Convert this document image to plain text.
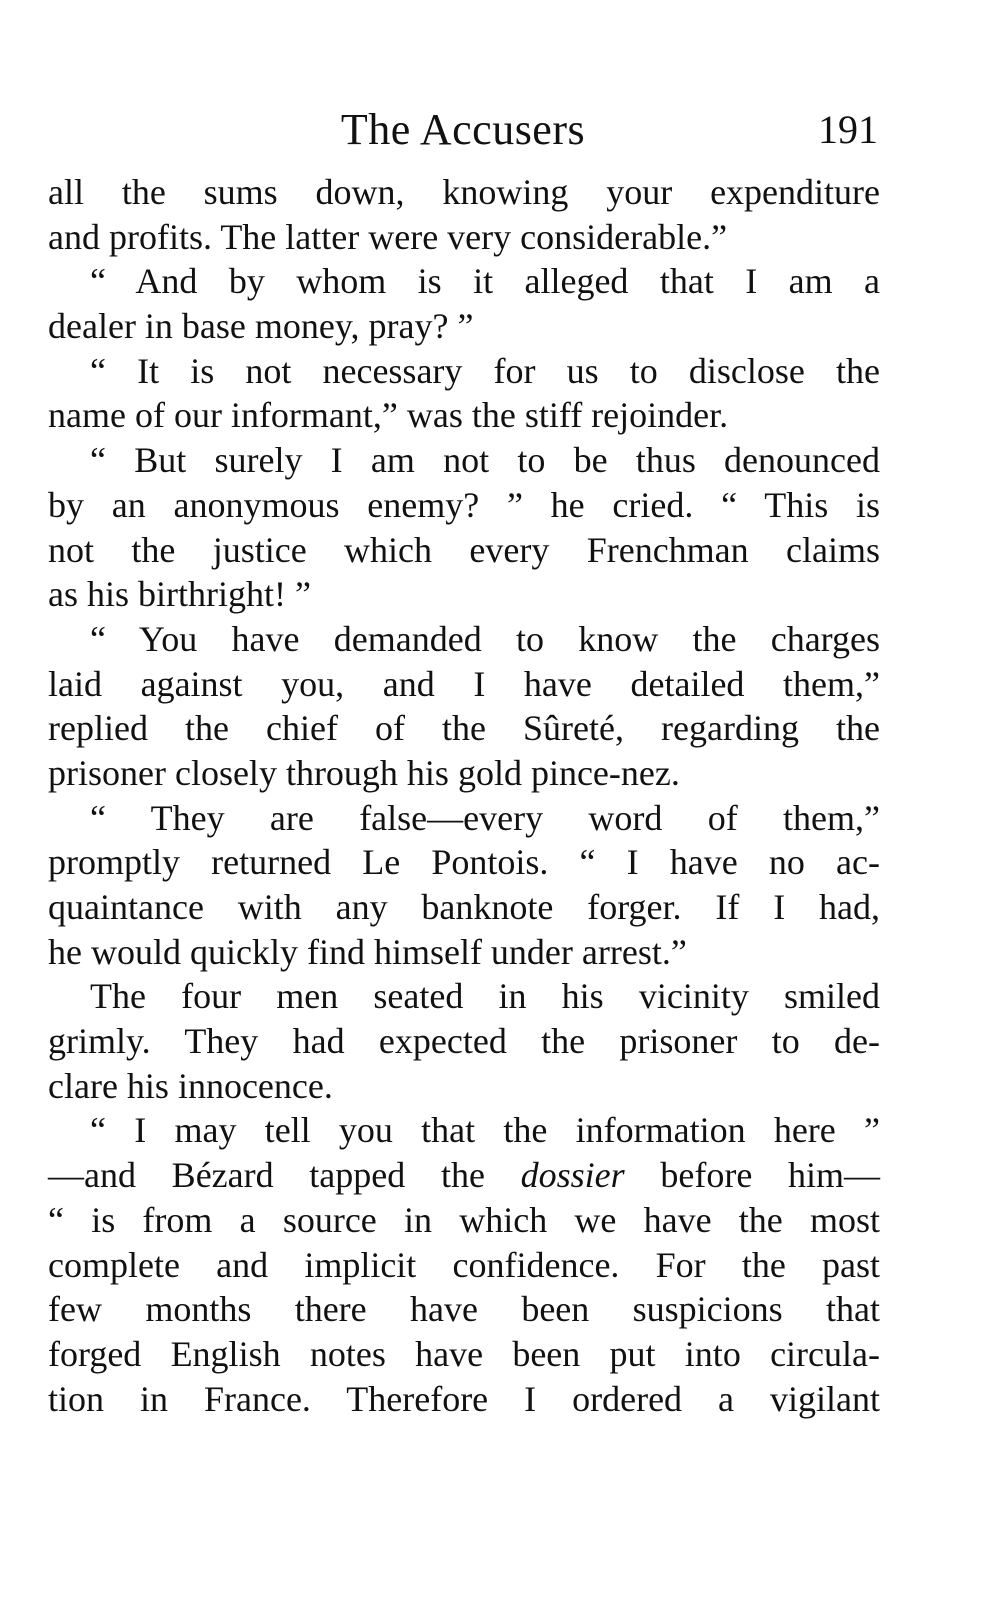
The Accusers	191
all the sums down, knowing your expenditure
and profits. The latter were very considerable.”
“ And by whom is it alleged that I am a
dealer in base money, pray? ”
“ It is not necessary for us to disclose the
name of our informant,” was the stiff rejoinder.
“ But surely I am not to be thus denounced
by an anonymous enemy? ” he cried. “ This is
not the justice which every Frenchman claims
as his birthright! ”
“ You have demanded to know the charges
laid against you, and I have detailed them,”
replied the chief of the Sûreté, regarding the
prisoner closely through his gold pince-nez.
“ They are false—every word of them,”
promptly returned Le Pontois. “ I have no ac-
quaintance with any banknote forger. If I had,
he would quickly find himself under arrest.”
The four men seated in his vicinity smiled
grimly. They had expected the prisoner to de-
clare his innocence.
“ I may tell you that the information here ”
—and Bézard tapped the dossier before him—
“ is from a source in which we have the most
complete and implicit confidence. For the past
few months there have been suspicions that
forged English notes have been put into circula-
tion in France. Therefore I ordered a vigilant
